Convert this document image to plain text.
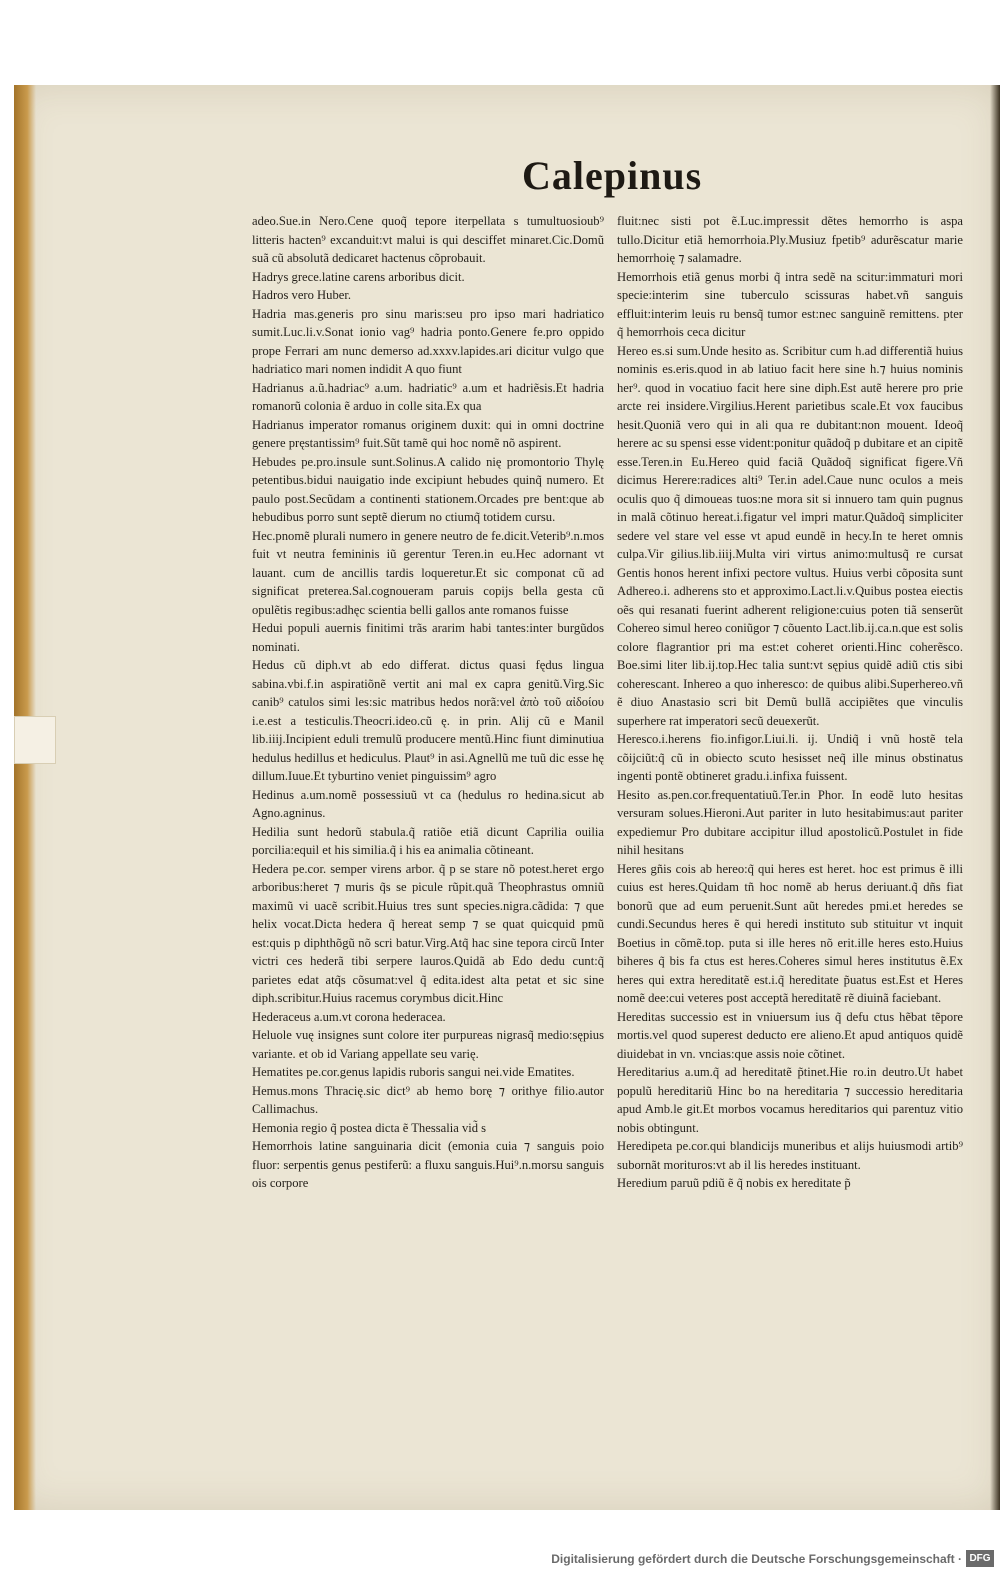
Calepinus

adeo.Sue.in Nero.Cene quoq̃ tepore iterpellata s tumultuosioub⁹ litteris hacten⁹ excanduit:vt malui is qui desciffet minaret.Cic.Domũ suã cũ absolutã dedicaret hactenus cõprobauit.

Hadrys grece.latine carens arboribus dicit.

Hadros vero Huber.

Hadria mas.generis pro sinu maris:seu pro ipso mari hadriatico sumit.Luc.li.v.Sonat ionio vag⁹ hadria ponto.Genere fe.pro oppido prope Ferrari am nunc demerso ad.xxxv.lapides.ari dicitur vulgo que hadriatico mari nomen indidit A quo fiunt

Hadrianus a.ũ.hadriac⁹ a.um. hadriatic⁹ a.um et hadriẽsis.Et hadria romanorũ colonia ẽ arduo in colle sita.Ex qua

Hadrianus imperator romanus originem duxit: qui in omni doctrine genere pręstantissim⁹ fuit.Sũt tamẽ qui hoc nomẽ nõ aspirent.

Hebudes pe.pro.insule sunt.Solinus.A calido nię promontorio Thylę petentibus.bidui nauigatio inde excipiunt hebudes quinq̃ numero. Et paulo post.Secũdam a continenti stationem.Orcades pre bent:que ab hebudibus porro sunt septẽ dierum no ctiumq̃ totidem cursu.

Hec.pnomẽ plurali numero in genere neutro de fe.dicit.Veterib⁹.n.mos fuit vt neutra femininis iũ gerentur Teren.in eu.Hec adornant vt lauant. cum de ancillis tardis loqueretur.Et sic componat cũ ad significat preterea.Sal.cognoueram paruis copijs bella gesta cũ opulẽtis regibus:adhęc scientia belli gallos ante romanos fuisse

Hedui populi auernis finitimi trãs ararim habi tantes:inter burgũdos nominati.

Hedus cũ diph.vt ab edo differat. dictus quasi fędus lingua sabina.vbi.f.in aspiratiõnẽ vertit ani mal ex capra genitũ.Virg.Sic canib⁹ catulos simi les:sic matribus hedos norã:vel ἀπὸ τοῦ αἰδοίου i.e.est a testiculis.Theocri.ideo.cũ ę. in prin. Alij cũ e Manil lib.iiij.Incipient eduli tremulũ producere mentũ.Hinc fiunt diminutiua hedulus hedillus et hediculus. Plaut⁹ in asi.Agnellũ me tuũ dic esse hę dillum.Iuue.Et tyburtino veniet pinguissim⁹ agro

Hedinus a.um.nomẽ possessiuũ vt ca (hedulus ro hedina.sicut ab Agno.agninus.

Hedilia sunt hedorũ stabula.q̃ ratiõe etiã dicunt Caprilia ouilia porcilia:equil et his similia.q̃ i his ea animalia cõtineant.

Hedera pe.cor. semper virens arbor. q̃ p se stare nõ potest.heret ergo arboribus:heret ⁊ muris q̃s se picule rũpit.quã Theophrastus omniũ maximũ vi uacẽ scribit.Huius tres sunt species.nigra.cãdida: ⁊ que helix vocat.Dicta hedera q̃ hereat semp ⁊ se quat quicquid pmũ est:quis p diphthõgũ nõ scri batur.Virg.Atq̃ hac sine tepora circũ Inter victri ces hederã tibi serpere lauros.Quidã ab Edo dedu cunt:q̃ parietes edat atq̃s cõsumat:vel q̃ edita.idest alta petat et sic sine diph.scribitur.Huius racemus corymbus dicit.Hinc

Hederaceus a.um.vt corona hederacea.

Heluole vuę insignes sunt colore iter purpureas nigrasq̃ medio:sępius variante. et ob id Variang appellate seu varię.

Hematites pe.cor.genus lapidis ruboris sangui nei.vide Ematites.

Hemus.mons Thracię.sic dict⁹ ab hemo borę ⁊ orithye filio.autor Callimachus.

Hemonia regio q̃ postea dicta ẽ Thessalia vid̃ s

Hemorrhois latine sanguinaria dicit (emonia cuia ⁊ sanguis poio fluor: serpentis genus pestiferũ: a fluxu sanguis.Hui⁹.n.morsu sanguis ois corpore

fluit:nec sisti pot ẽ.Luc.impressit dẽtes hemorrho is aspa tullo.Dicitur etiã hemorrhoia.Ply.Musiuz fpetib⁹ adurẽscatur marie hemorrhoię ⁊ salamadre.

Hemorrhois etiã genus morbi q̃ intra sedẽ na scitur:immaturi mori specie:interim sine tuberculo scissuras habet.vñ sanguis effluit:interim leuis ru bensq̃ tumor est:nec sanguinẽ remittens. pter q̃ hemorrhois ceca dicitur

Hereo es.si sum.Unde hesito as. Scribitur cum h.ad differentiã huius nominis es.eris.quod in ab latiuo facit here sine h.⁊ huius nominis her⁹. quod in vocatiuo facit here sine diph.Est autẽ herere pro prie arcte rei insidere.Virgilius.Herent parietibus scale.Et vox faucibus hesit.Quoniã vero qui in ali qua re dubitant:non mouent. Ideoq̃ herere ac su spensi esse vident:ponitur quãdoq̃ p dubitare et an cipitẽ esse.Teren.in Eu.Hereo quid faciã Quãdoq̃ significat figere.Vñ dicimus Herere:radices alti⁹ Ter.in adel.Caue nunc oculos a meis oculis quo q̃ dimoueas tuos:ne mora sit si innuero tam quin pugnus in malã cõtinuo hereat.i.figatur vel impri matur.Quãdoq̃ simpliciter sedere vel stare vel esse vt apud eundẽ in hecy.In te heret omnis culpa.Vir gilius.lib.iiij.Multa viri virtus animo:multusq̃ re cursat Gentis honos herent infixi pectore vultus. Huius verbi cõposita sunt Adhereo.i. adherens sto et approximo.Lact.li.v.Quibus postea eiectis oẽs qui resanati fuerint adherent religione:cuius poten tiã senserũt Cohereo simul hereo coniũgor ⁊ cõuento Lact.lib.ij.ca.n.que est solis colore flagrantior pri ma est:et coheret orienti.Hinc coherẽsco. Boe.simi liter lib.ij.top.Hec talia sunt:vt sępius quidẽ adiũ ctis sibi coherescant. Inhereo a quo inheresco: de quibus alibi.Superhereo.vñ ẽ diuo Anastasio scri bit Demũ bullã accipiẽtes que vinculis superhere rat imperatori secũ deuexerũt.

Heresco.i.herens fio.infigor.Liui.li. ij. Undiq̃ i vnũ hostẽ tela cõijciũt:q̃ cũ in obiecto scuto hesisset neq̃ ille minus obstinatus ingenti pontẽ obtineret gradu.i.infixa fuissent.

Hesito as.pen.cor.frequentatiuũ.Ter.in Phor. In eodẽ luto hesitas versuram solues.Hieroni.Aut pariter in luto hesitabimus:aut pariter expediemur Pro dubitare accipitur illud apostolicũ.Postulet in fide nihil hesitans

Heres gñis cois ab hereo:q̃ qui heres est heret. hoc est primus ẽ illi cuius est heres.Quidam tñ hoc nomẽ ab herus deriuant.q̃ dñs fiat bonorũ que ad eum peruenit.Sunt aũt heredes pmi.et heredes se cundi.Secundus heres ẽ qui heredi instituto sub stituitur vt inquit Boetius in cõmẽ.top. puta si ille heres nõ erit.ille heres esto.Huius biheres q̃ bis fa ctus est heres.Coheres simul heres institutus ẽ.Ex heres qui extra hereditatẽ est.i.q̃ hereditate p̃uatus est.Est et Heres nomẽ dee:cui veteres post acceptã hereditatẽ rẽ diuinã faciebant.

Hereditas successio est in vniuersum ius q̃ defu ctus hẽbat tẽpore mortis.vel quod superest deducto ere alieno.Et apud antiquos quidẽ diuidebat in vn. vncias:que assis noie cõtinet.

Hereditarius a.um.q̃ ad hereditatẽ p̃tinet.Hie ro.in deutro.Ut habet populũ hereditariũ Hinc bo na hereditaria ⁊ successio hereditaria apud Amb.le git.Et morbos vocamus hereditarios qui parentuz vitio nobis obtingunt.

Heredipeta pe.cor.qui blandicijs muneribus et alijs huiusmodi artib⁹ subornãt morituros:vt ab il lis heredes instituant.

Heredium paruũ pdiũ ẽ q̃ nobis ex hereditate p̃

Digitalisierung gefördert durch die Deutsche Forschungsgemeinschaft · DFG
